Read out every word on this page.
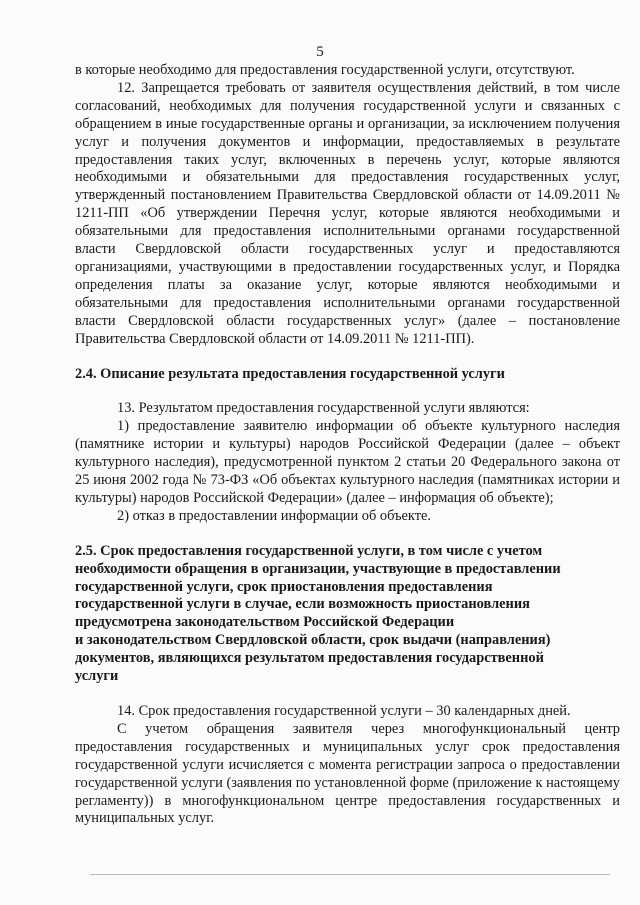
5

в которые необходимо для предоставления государственной услуги, отсутствуют.

12. Запрещается требовать от заявителя осуществления действий, в том числе согласований, необходимых для получения государственной услуги и связанных с обращением в иные государственные органы и организации, за исключением получения услуг и получения документов и информации, предоставляемых в результате предоставления таких услуг, включенных в перечень услуг, которые являются необходимыми и обязательными для предоставления государственных услуг, утвержденный постановлением Правительства Свердловской области от 14.09.2011 № 1211-ПП «Об утверждении Перечня услуг, которые являются необходимыми и обязательными для предоставления исполнительными органами государственной власти Свердловской области государственных услуг и предоставляются организациями, участвующими в предоставлении государственных услуг, и Порядка определения платы за оказание услуг, которые являются необходимыми и обязательными для предоставления исполнительными органами государственной власти Свердловской области государственных услуг» (далее – постановление Правительства Свердловской области от 14.09.2011 № 1211-ПП).

2.4. Описание результата предоставления государственной услуги

13. Результатом предоставления государственной услуги являются:

1) предоставление заявителю информации об объекте культурного наследия (памятнике истории и культуры) народов Российской Федерации (далее – объект культурного наследия), предусмотренной пунктом 2 статьи 20 Федерального закона от 25 июня 2002 года № 73-ФЗ «Об объектах культурного наследия (памятниках истории и культуры) народов Российской Федерации» (далее – информация об объекте);

2) отказ в предоставлении информации об объекте.

2.5. Срок предоставления государственной услуги, в том числе с учетом

необходимости обращения в организации, участвующие в предоставлении

государственной услуги, срок приостановления предоставления

государственной услуги в случае, если возможность приостановления

предусмотрена законодательством Российской Федерации

и законодательством Свердловской области, срок выдачи (направления)

документов, являющихся результатом предоставления государственной

услуги

14. Срок предоставления государственной услуги – 30 календарных дней.

С учетом обращения заявителя через многофункциональный центр предоставления государственных и муниципальных услуг срок предоставления государственной услуги исчисляется с момента регистрации запроса о предоставлении государственной услуги (заявления по установленной форме (приложение к настоящему регламенту)) в многофункциональном центре предоставления государственных и муниципальных услуг.
